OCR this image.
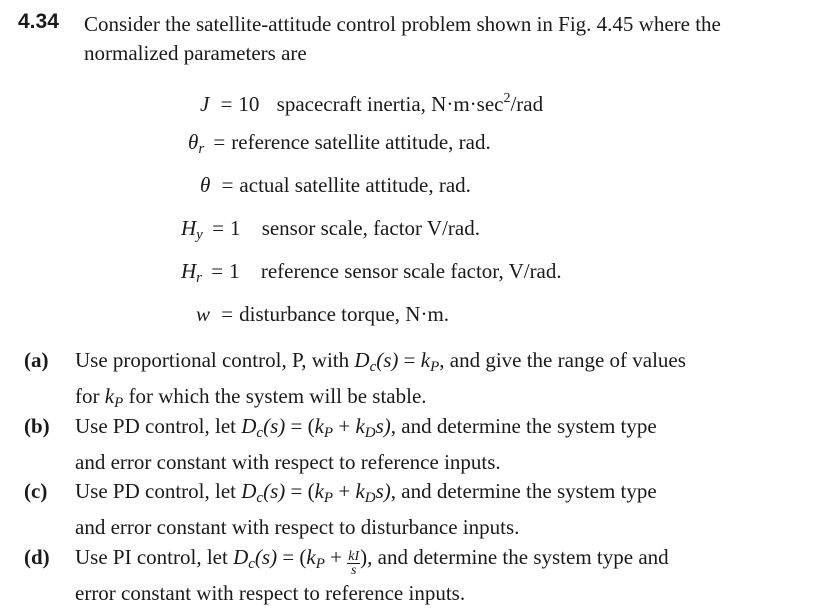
4.34 Consider the satellite-attitude control problem shown in Fig. 4.45 where the
normalized parameters are
J = 10 spacecraft inertia, $N\cdot m\cdot\sec^2$/rad
$\theta_r$ = reference satellite attitude, rad.
θ = actual satellite attitude, rad.
$H_y = 1$ sensor scale, factor V/rad.
$H_r = 1$ reference sensor scale factor, V/rad.
w = disturbance torque, N·m.
(a) Use proportional control, P, with $D_c(s) = k_P$, and give the range of values
for $k_P$ for which the system will be stable.
(b) Use PD control, let $D_c(s) = (k_P + k_Ds)$, and determine the system type
and error constant with respect to reference inputs.
(c) Use PD control, let $D_c(s) = (k_P + k_Ds)$, and determine the system type
and error constant with respect to disturbance inputs.
(d) Use PI control, let $D_c(s) = (k_P + \frac{kI}{s}$ ), and determine the system type and
error constant with respect to reference inputs.
